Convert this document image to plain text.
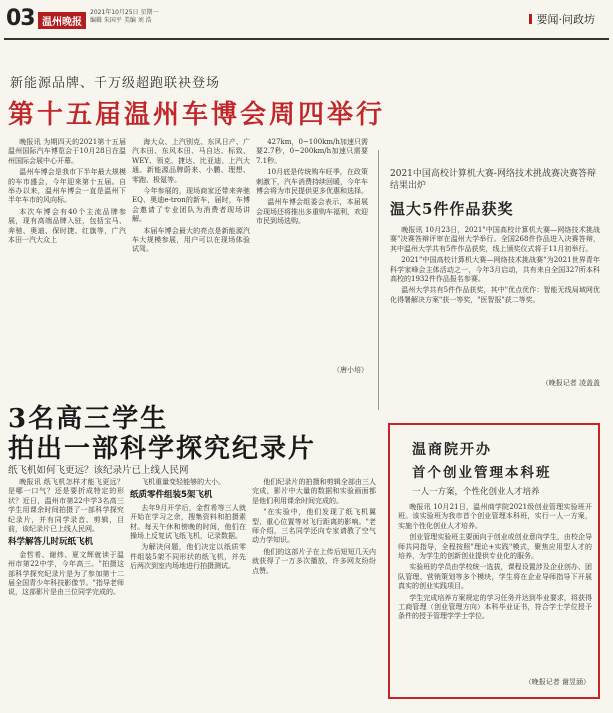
03 温州晚报
2021年10月25日 星期一
编辑 朱国平 美编 刘 浩	要闻·问政坊
新能源品牌、千万级超跑联袂登场
第十五届温州车博会周四举行

晚报讯 为期四天的2021第十五届温州国际汽车博览会于10月28日在温州国际会展中心开幕。

温州车博会是我市下半年最大规模的车市盛会，今年迎来第十五届。自举办以来，温州车博会一直是温州下半年车市的风向标。

本次车博会有40个主流品牌参展，现有高端品牌入驻，包括宝马、奔驰、奥迪、保时捷、红旗等，广汽本田一汽大众上

海大众、上汽别克、东风日产、广汽本田、东风本田、马自达、标致、WEY、领克、捷达、比亚迪、上汽大通、新能源品牌蔚来、小鹏、理想、零跑、极氪等。

今年参展的，现场商家还带来奔驰EQ、奥迪e-tron的新车，届时，车博会邀请了专业团队为消费者现场讲解。

本届车博会最大的亮点是新能源汽车大规模参展，用户可以在现场体验试驾。

427km，0~100km/h加速只需要2.7秒，0~200km/h加速只需要7.1秒。

10月底是传统购车旺季，在政策刺激下，汽车消费持续回暖，今年车博会将为市民提供更多优惠和选择。

温州车博会组委会表示，本届展会现场还将推出多重购车福利，欢迎市民到场选购。

（唐小培）
2021中国高校计算机大赛-网络技术挑战赛决赛答辩结果出炉
温大5件作品获奖

晚报讯 10月23日，2021"中国高校计算机大赛—网络技术挑战赛"决赛答辩评审在温州大学举行。全国268件作品进入决赛答辩，其中温州大学共有5件作品获奖，线上颁奖仪式将于11月初举行。

2021"中国高校计算机大赛—网络技术挑战赛"为2021世界青年科学家峰会主体活动之一，今年3月启动，共有来自全国327所本科高校的1932件作品报名参赛。

温州大学共有5件作品获奖，其中"优点优作：智能无线局域网优化得署解决方案"获一等奖，"医智报"获二等奖。

（晚报记者 凌盖盖
3名高三学生
拍出一部科学探究纪录片
纸飞机如何飞更远？该纪录片已上线人民网

晚报讯 纸飞机怎样才能飞更远？是哪一口气？还是要折成特定的形状？近日，温州市第22中学3名高三学生用课余时间拍摄了一部科学探究纪录片，并有同学录音、剪辑，目前，该纪录片已上线人民网。

科学解答儿时玩纸飞机

金哲希、谢炜、夏文辉就读于温州市第22中学，今年高三。"拍摄这部科学探究纪录片是为了参加第十二届全国青少年科技影像节。"指导老师说，这部影片是由三位同学完成的。

飞机重量变轻能够的大小。

纸质零件组装5架飞机

去年9月开学后，金哲希等三人就开始在学习之余，搜集资料和拍摄素材。每天午休和傍晚的时间，他们在操场上反复试飞纸飞机，记录数据。

为解决问题，他们决定以纸质零件组装5架不同形状的纸飞机，并先后两次到室内场地进行拍摄测试。

他们纪录片的拍摄和剪辑全部由三人完成，影片中大量的数据和实验画面都是他们利用课余时间完成的。

"在实验中，他们发现了纸飞机翼型、重心位置等对飞行距离的影响。"老师介绍，三名同学还向专家请教了空气动力学知识。

他们的这部片子在上传后短短几天内就获得了一万多次播放，许多网友纷纷点赞。

温商院开办
首个创业管理本科班
一人一方案，个性化创业人才培养

晚报讯 10月21日，温州商学院2021级创业管理实验班开班。该实验班为我市首个创业管理本科班，实行一人一方案，实施个性化创业人才培养。

创业管理实验班主要面向于创业或创业意向学生，由校企导师共同指导，全程按照"理论+实践"模式，聚焦应用型人才的培养，为学生的创新创业提供专业化的服务。

实验班的学员由学校统一选拔，课程设置涉及企业创办、团队管理、营销策划等多个模块，学生将在企业导师指导下开展真实的创业实践项目。

学生完成培养方案规定的学习任务并达到毕业要求，将获得工商管理（创业管理方向）本科毕业证书，符合学士学位授予条件的授予管理学学士学位。

（晚报记者 谢昱涵）
